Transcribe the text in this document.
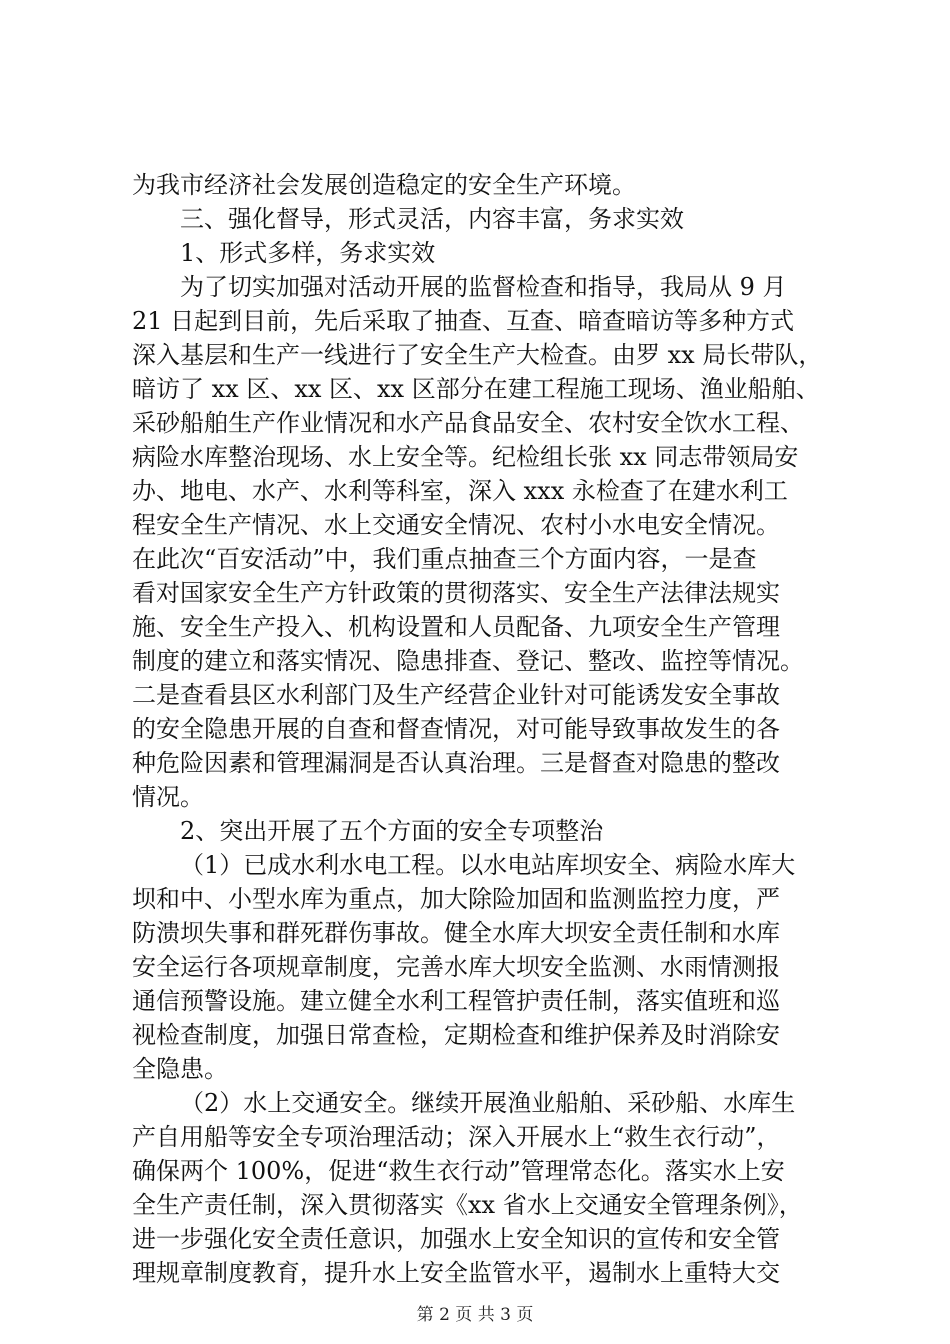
为我市经济社会发展创造稳定的安全生产环境。
三、强化督导，形式灵活，内容丰富，务求实效
1、形式多样，务求实效
为了切实加强对活动开展的监督检查和指导，我局从 9 月
21 日起到目前，先后采取了抽查、互查、暗查暗访等多种方式
深入基层和生产一线进行了安全生产大检查。由罗 xx 局长带队，
暗访了 xx 区、xx 区、xx 区部分在建工程施工现场、渔业船舶、
采砂船舶生产作业情况和水产品食品安全、农村安全饮水工程、
病险水库整治现场、水上安全等。纪检组长张 xx 同志带领局安
办、地电、水产、水利等科室，深入 xxx 永检查了在建水利工
程安全生产情况、水上交通安全情况、农村小水电安全情况。
在此次“百安活动”中，我们重点抽查三个方面内容，一是查
看对国家安全生产方针政策的贯彻落实、安全生产法律法规实
施、安全生产投入、机构设置和人员配备、九项安全生产管理
制度的建立和落实情况、隐患排查、登记、整改、监控等情况。
二是查看县区水利部门及生产经营企业针对可能诱发安全事故
的安全隐患开展的自查和督查情况，对可能导致事故发生的各
种危险因素和管理漏洞是否认真治理。三是督查对隐患的整改
情况。
2、突出开展了五个方面的安全专项整治
（1）已成水利水电工程。以水电站库坝安全、病险水库大
坝和中、小型水库为重点，加大除险加固和监测监控力度，严
防溃坝失事和群死群伤事故。健全水库大坝安全责任制和水库
安全运行各项规章制度，完善水库大坝安全监测、水雨情测报
通信预警设施。建立健全水利工程管护责任制，落实值班和巡
视检查制度，加强日常查检，定期检查和维护保养及时消除安
全隐患。
（2）水上交通安全。继续开展渔业船舶、采砂船、水库生
产自用船等安全专项治理活动；深入开展水上“救生衣行动”，
确保两个 100%，促进“救生衣行动”管理常态化。落实水上安
全生产责任制，深入贯彻落实《xx 省水上交通安全管理条例》，
进一步强化安全责任意识，加强水上安全知识的宣传和安全管
理规章制度教育，提升水上安全监管水平，遏制水上重特大交
第 2 页 共 3 页
